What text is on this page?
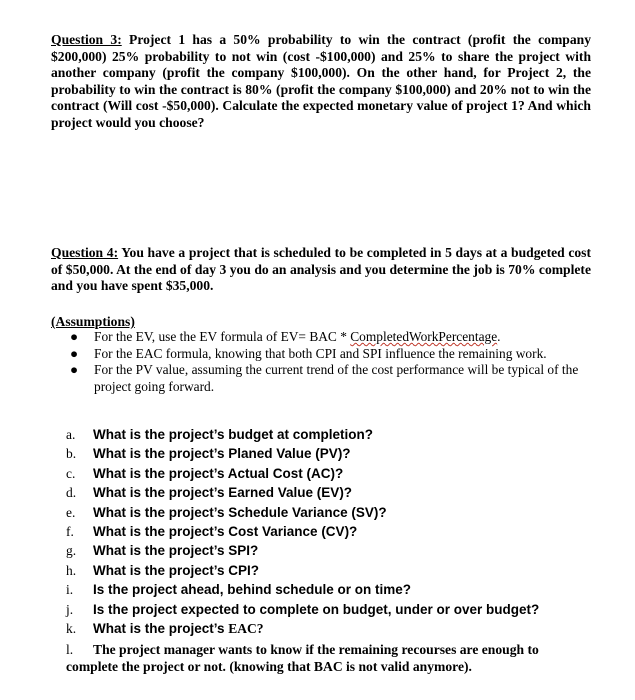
Question 3: Project 1 has a 50% probability to win the contract (profit the company $200,000) 25% probability to not win (cost -$100,000) and 25% to share the project with another company (profit the company $100,000). On the other hand, for Project 2, the probability to win the contract is 80% (profit the company $100,000) and 20% not to win the contract (Will cost -$50,000). Calculate the expected monetary value of project 1? And which project would you choose?
Question 4: You have a project that is scheduled to be completed in 5 days at a budgeted cost of $50,000. At the end of day 3 you do an analysis and you determine the job is 70% complete and you have spent $35,000.
(Assumptions)
● For the EV, use the EV formula of EV= BAC * CompletedWorkPercentage.
● For the EAC formula, knowing that both CPI and SPI influence the remaining work.
● For the PV value, assuming the current trend of the cost performance will be typical of the project going forward.
a. What is the project’s budget at completion?
b. What is the project’s Planed Value (PV)?
c. What is the project’s Actual Cost (AC)?
d. What is the project’s Earned Value (EV)?
e. What is the project’s Schedule Variance (SV)?
f. What is the project’s Cost Variance (CV)?
g. What is the project’s SPI?
h. What is the project’s CPI?
i. Is the project ahead, behind schedule or on time?
j. Is the project expected to complete on budget, under or over budget?
k. What is the project’s EAC?
l. The project manager wants to know if the remaining recourses are enough to complete the project or not. (knowing that BAC is not valid anymore).
